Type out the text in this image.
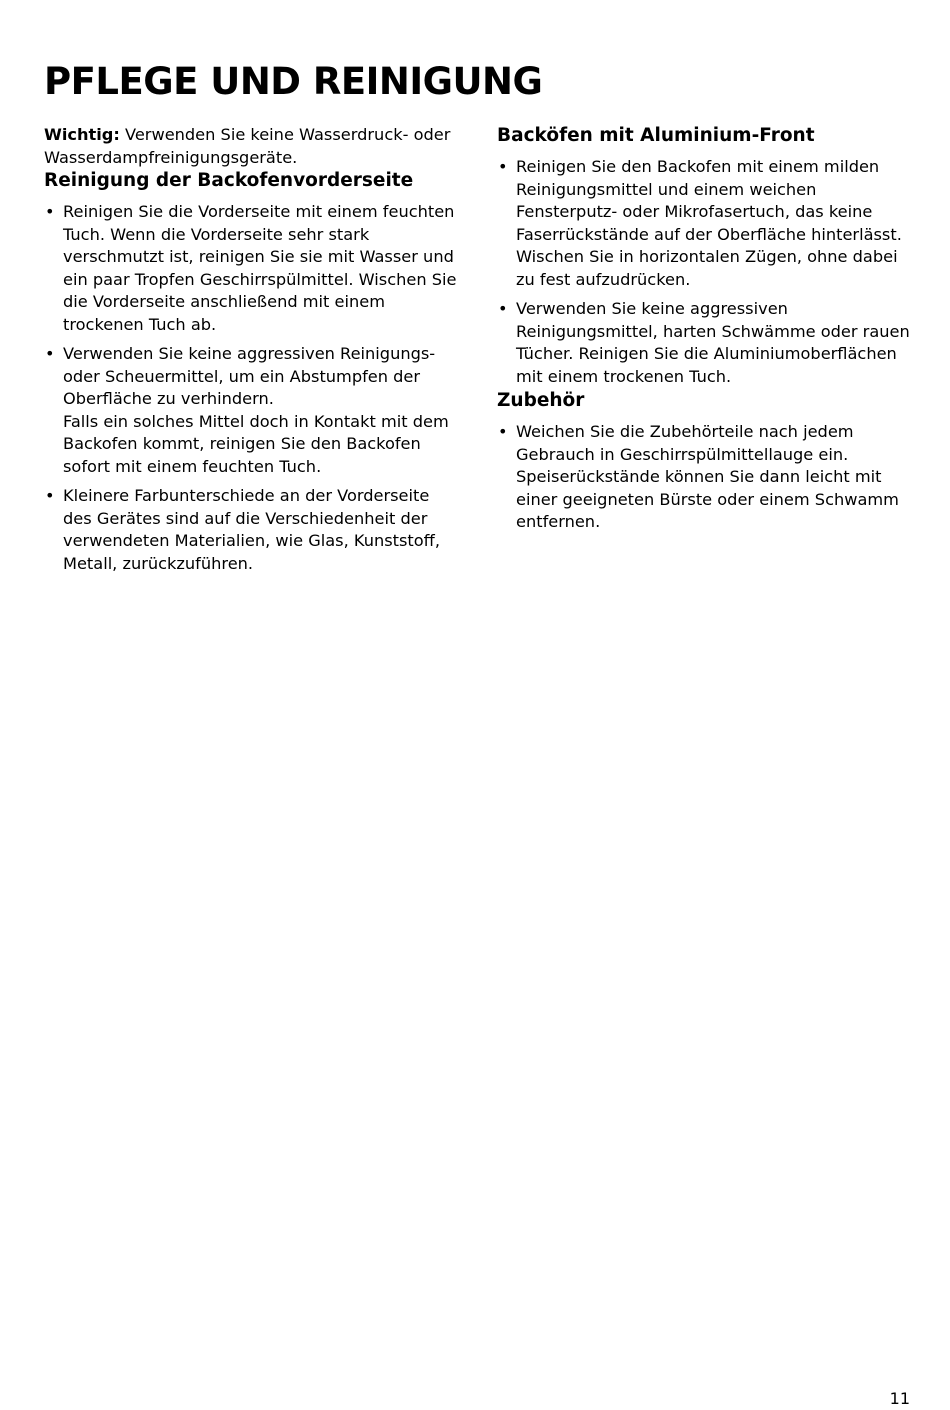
PFLEGE UND REINIGUNG

Wichtig: Verwenden Sie keine Wasserdruck- oder Wasserdampfreinigungsgeräte.

Reinigung der Backofenvorderseite
• Reinigen Sie die Vorderseite mit einem feuchten Tuch. Wenn die Vorderseite sehr stark verschmutzt ist, reinigen Sie sie mit Wasser und ein paar Tropfen Geschirrspülmittel. Wischen Sie die Vorderseite anschließend mit einem trockenen Tuch ab.
• Verwenden Sie keine aggressiven Reinigungs- oder Scheuermittel, um ein Abstumpfen der Oberfläche zu verhindern.
Falls ein solches Mittel doch in Kontakt mit dem Backofen kommt, reinigen Sie den Backofen sofort mit einem feuchten Tuch.
• Kleinere Farbunterschiede an der Vorderseite des Gerätes sind auf die Verschiedenheit der verwendeten Materialien, wie Glas, Kunststoff, Metall, zurückzuführen.
Backöfen mit Aluminium-Front
• Reinigen Sie den Backofen mit einem milden Reinigungsmittel und einem weichen Fensterputz- oder Mikrofasertuch, das keine Faserrückstände auf der Oberfläche hinterlässt. Wischen Sie in horizontalen Zügen, ohne dabei zu fest aufzudrücken.
• Verwenden Sie keine aggressiven Reinigungsmittel, harten Schwämme oder rauen Tücher. Reinigen Sie die Aluminiumoberflächen mit einem trockenen Tuch.
Zubehör
• Weichen Sie die Zubehörteile nach jedem Gebrauch in Geschirrspülmittellauge ein. Speiserückstände können Sie dann leicht mit einer geeigneten Bürste oder einem Schwamm entfernen.
11
